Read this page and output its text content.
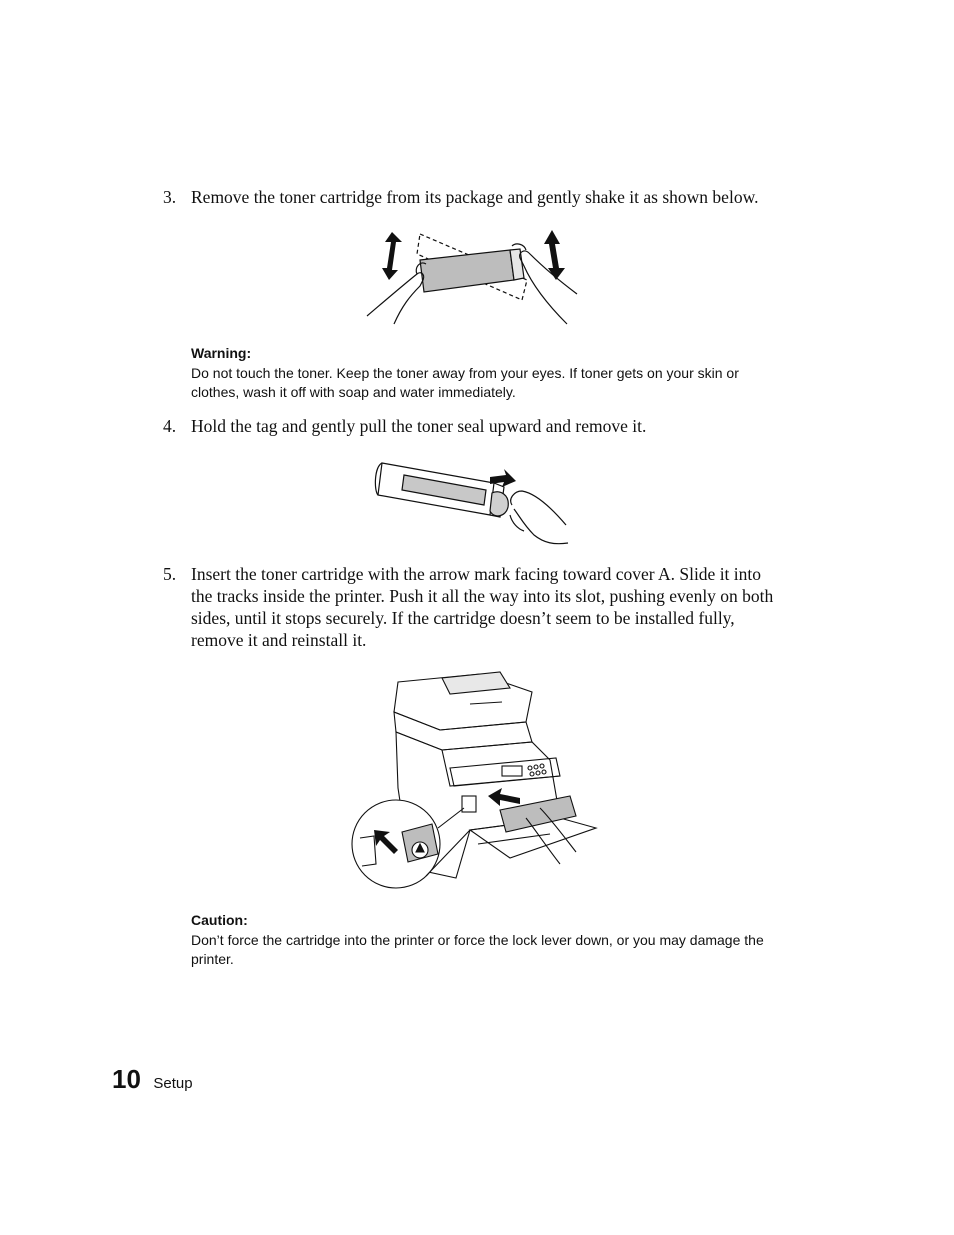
3. Remove the toner cartridge from its package and gently shake it as shown below.
Warning:
Do not touch the toner. Keep the toner away from your eyes. If toner gets on your skin or clothes, wash it off with soap and water immediately.
4. Hold the tag and gently pull the toner seal upward and remove it.
5. Insert the toner cartridge with the arrow mark facing toward cover A. Slide it into the tracks inside the printer. Push it all the way into its slot, pushing evenly on both sides, until it stops securely. If the cartridge doesn’t seem to be installed fully, remove it and reinstall it.
Caution:
Don’t force the cartridge into the printer or force the lock lever down, or you may damage the printer.
10 Setup
